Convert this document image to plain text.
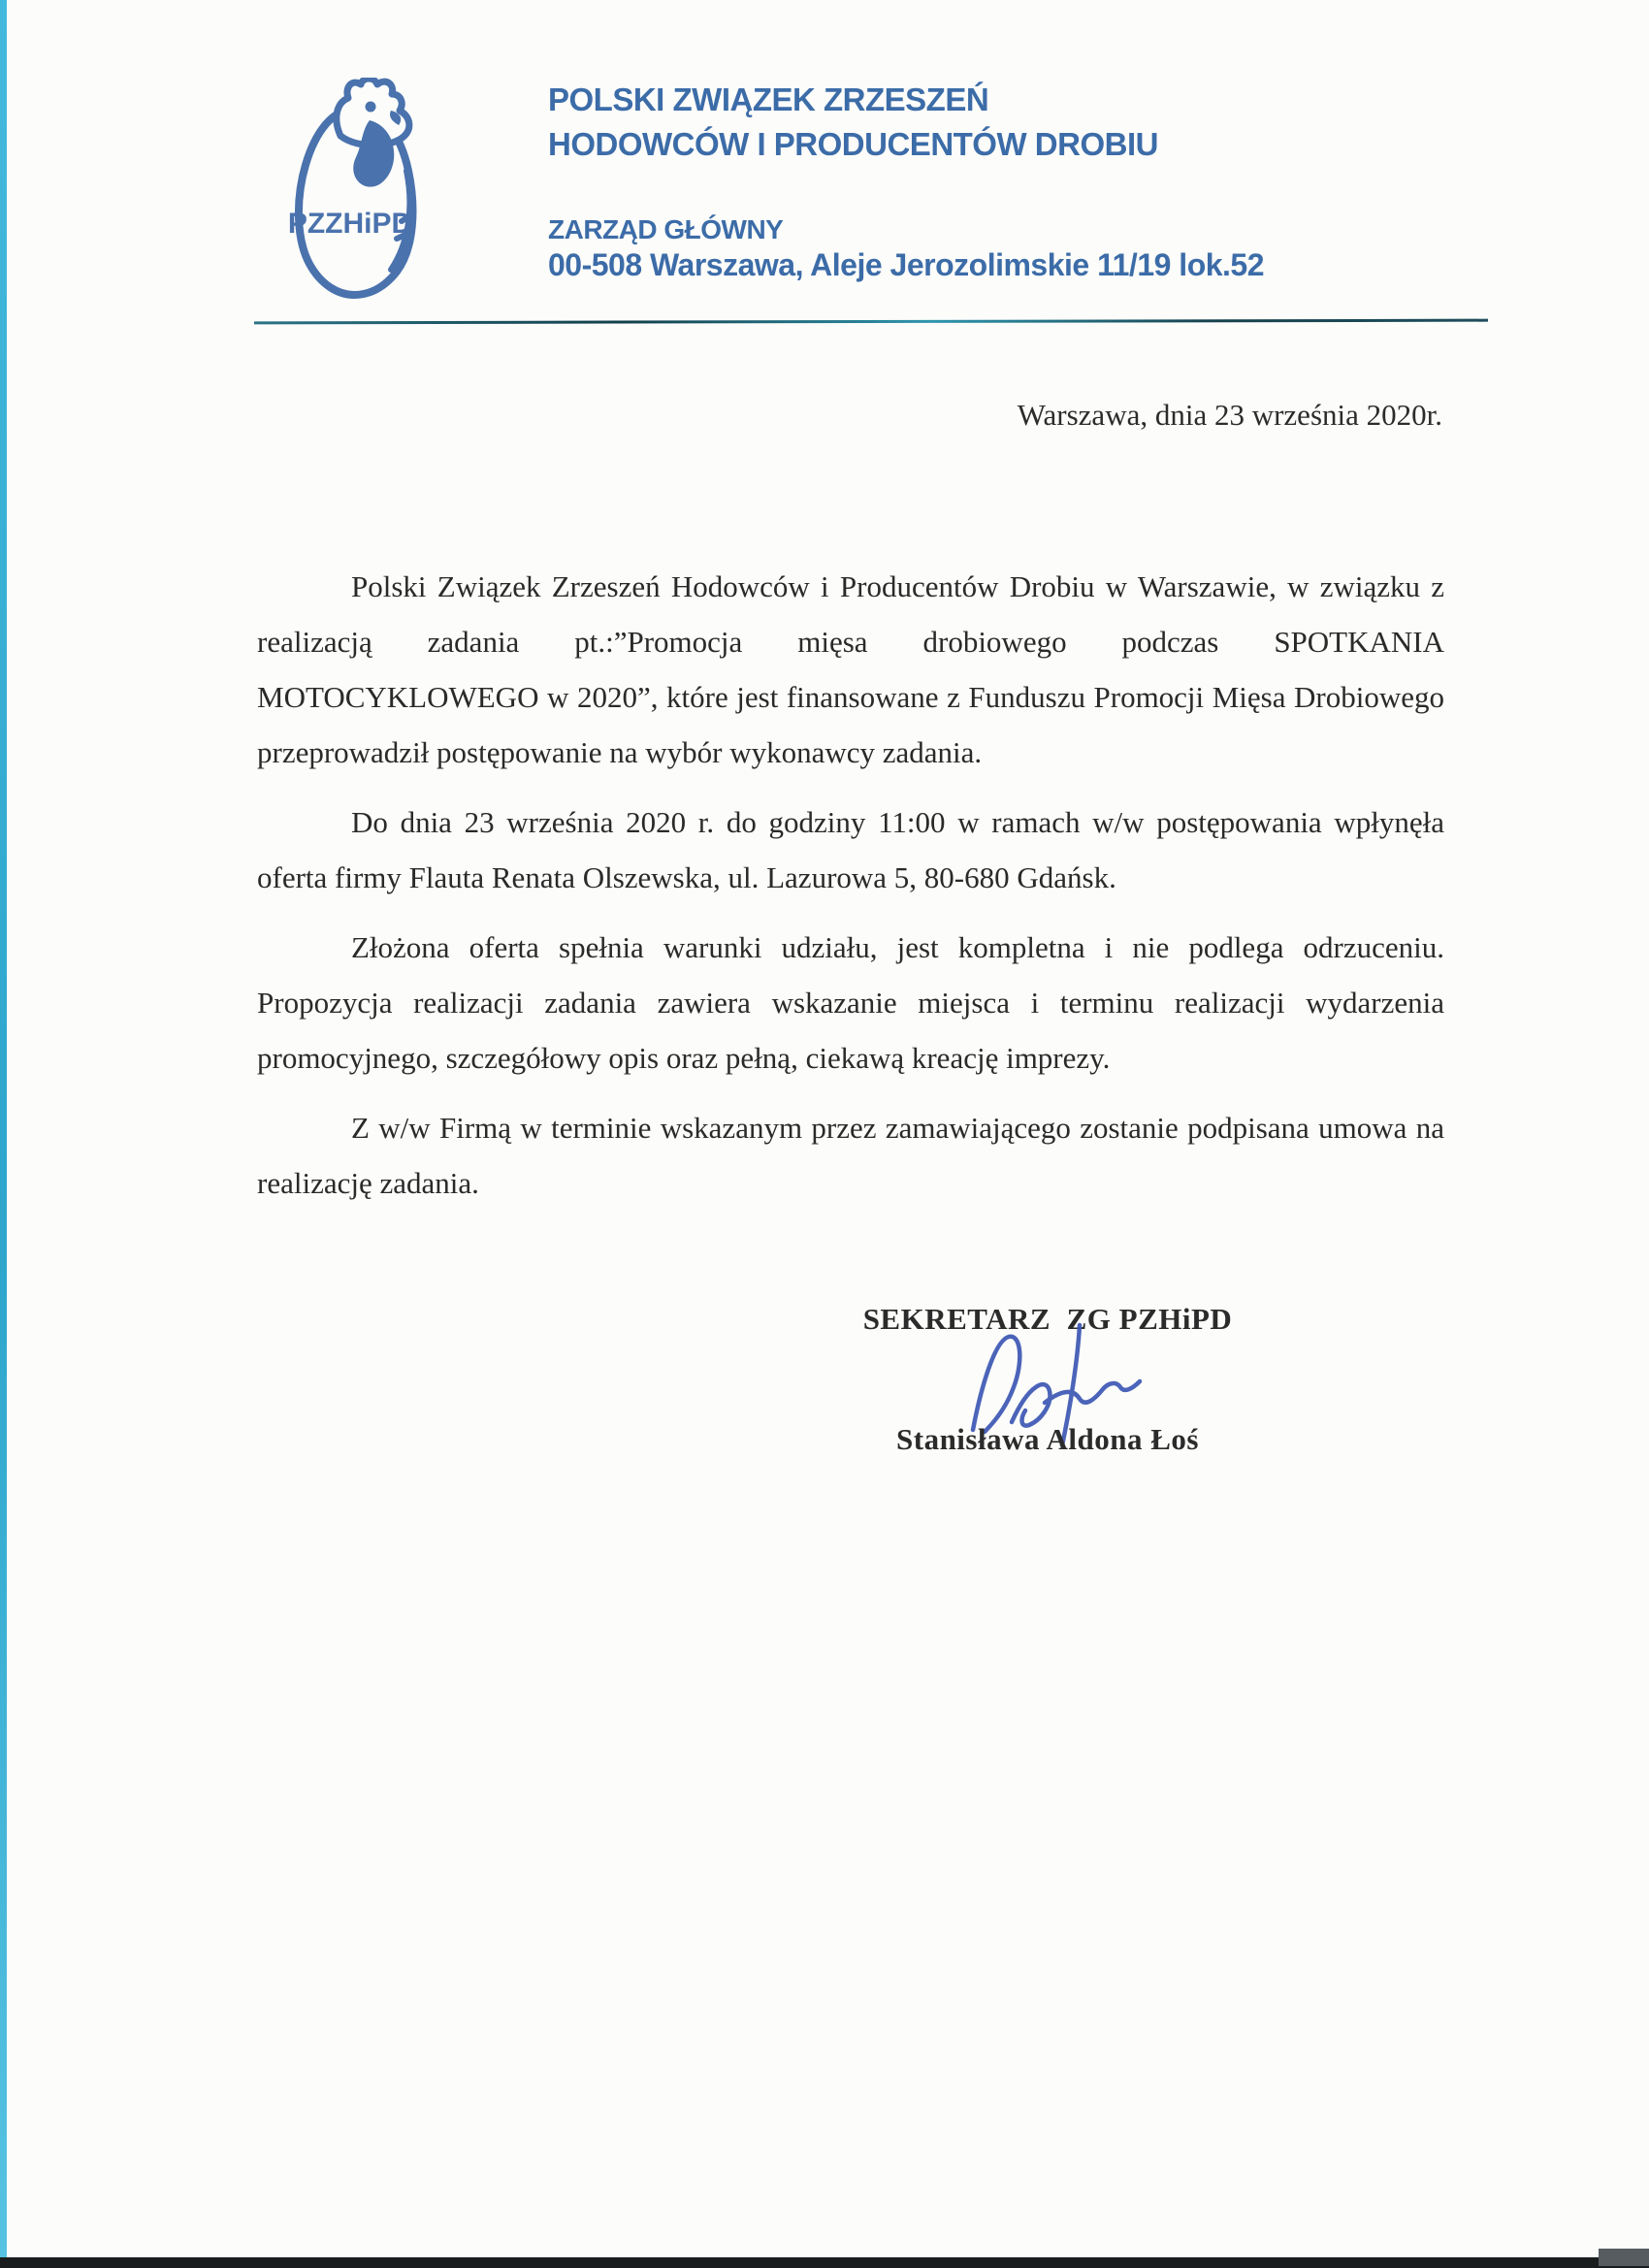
PZZHiPD
POLSKI ZWIĄZEK ZRZESZEŃ
HODOWCÓW I PRODUCENTÓW DROBIU
ZARZĄD GŁÓWNY
00-508 Warszawa, Aleje Jerozolimskie 11/19 lok.52
Warszawa, dnia 23 września 2020r.

Polski Związek Zrzeszeń Hodowców i Producentów Drobiu w Warszawie, w związku z realizacją zadania pt.:”Promocja mięsa drobiowego podczas SPOTKANIA MOTOCYKLOWEGO w 2020”, które jest finansowane z Funduszu Promocji Mięsa Drobiowego przeprowadził postępowanie na wybór wykonawcy zadania.

Do dnia 23 września 2020 r. do godziny 11:00 w ramach w/w postępowania wpłynęła oferta firmy Flauta Renata Olszewska, ul. Lazurowa 5, 80-680 Gdańsk.

Złożona oferta spełnia warunki udziału, jest kompletna i nie podlega odrzuceniu. Propozycja realizacji zadania zawiera wskazanie miejsca i terminu realizacji wydarzenia promocyjnego, szczegółowy opis oraz pełną, ciekawą kreację imprezy.

Z w/w Firmą w terminie wskazanym przez zamawiającego zostanie podpisana umowa na realizację zadania.

SEKRETARZ  ZG PZHiPD
Stanisława Aldona Łoś
